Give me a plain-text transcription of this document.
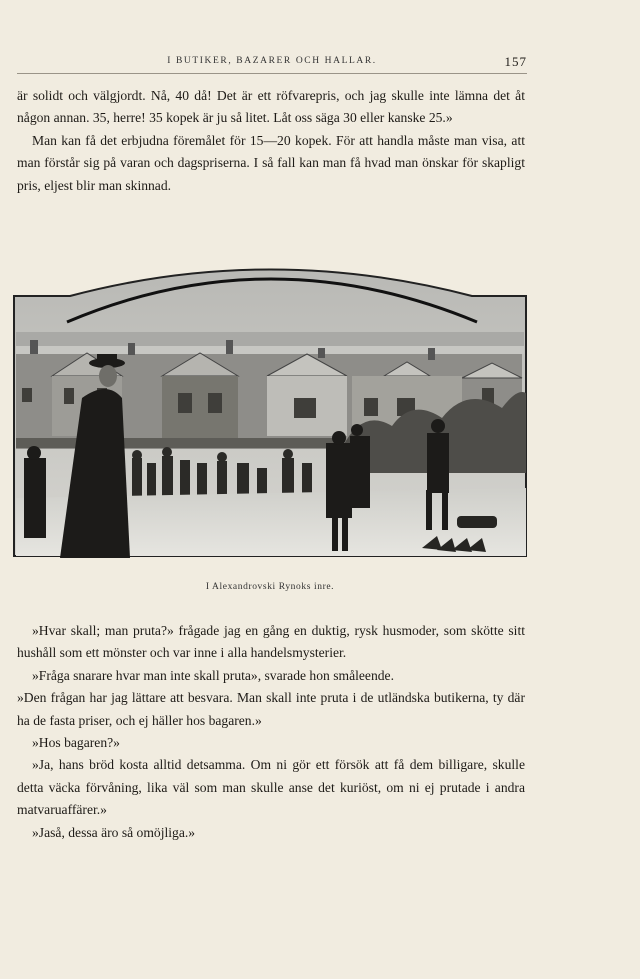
I BUTIKER, BAZARER OCH HALLAR.	157

är solidt och välgjordt. Nå, 40 då! Det är ett röfvarepris, och jag skulle inte lämna det åt någon annan. 35, herre! 35 kopek är ju så litet. Låt oss säga 30 eller kanske 25.»

Man kan få det erbjudna föremålet för 15—20 kopek. För att handla måste man visa, att man förstår sig på varan och dagspriserna. I så fall kan man få hvad man önskar för skapligt pris, eljest blir man skinnad.

I Alexandrovski Rynoks inre.

»Hvar skall; man pruta?» frågade jag en gång en duktig, rysk husmoder, som skötte sitt hushåll som ett mönster och var inne i alla handelsmysterier.

»Fråga snarare hvar man inte skall pruta», svarade hon småleende.

»Den frågan har jag lättare att besvara. Man skall inte pruta i de utländska butikerna, ty där ha de fasta priser, och ej häller hos bagaren.»

»Hos bagaren?»

»Ja, hans bröd kosta alltid detsamma. Om ni gör ett försök att få dem billigare, skulle detta väcka förvåning, lika väl som man skulle anse det kuriöst, om ni ej prutade i andra matvaruaffärer.»

»Jaså, dessa äro så omöjliga.»
